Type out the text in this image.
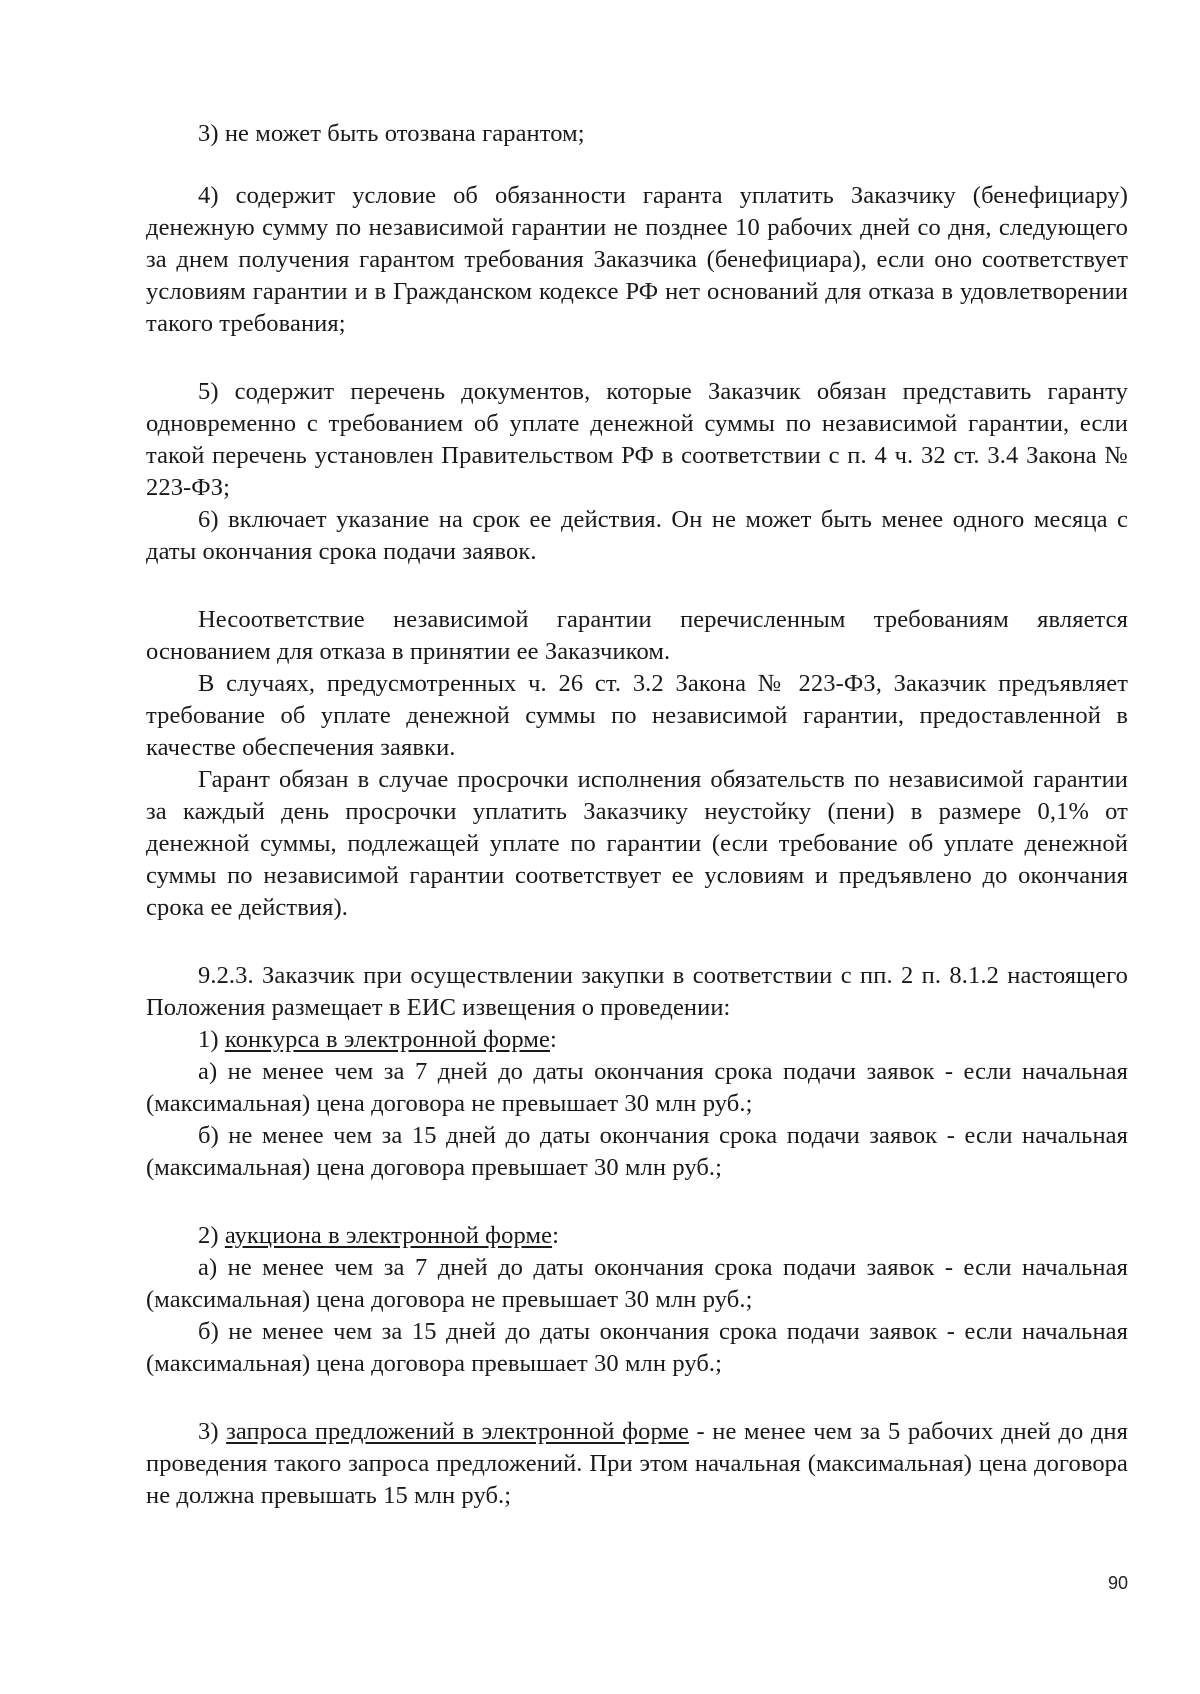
3) не может быть отозвана гарантом;

4) содержит условие об обязанности гаранта уплатить Заказчику (бенефициару) денежную сумму по независимой гарантии не позднее 10 рабочих дней со дня, следующего за днем получения гарантом требования Заказчика (бенефициара), если оно соответствует условиям гарантии и в Гражданском кодексе РФ нет оснований для отказа в удовлетворении такого требования;

5) содержит перечень документов, которые Заказчик обязан представить гаранту одновременно с требованием об уплате денежной суммы по независимой гарантии, если такой перечень установлен Правительством РФ в соответствии с п. 4 ч. 32 ст. 3.4 Закона № 223-ФЗ;

6) включает указание на срок ее действия. Он не может быть менее одного месяца с даты окончания срока подачи заявок.

Несоответствие независимой гарантии перечисленным требованиям является основанием для отказа в принятии ее Заказчиком.

В случаях, предусмотренных ч. 26 ст. 3.2 Закона № 223-ФЗ, Заказчик предъявляет требование об уплате денежной суммы по независимой гарантии, предоставленной в качестве обеспечения заявки.

Гарант обязан в случае просрочки исполнения обязательств по независимой гарантии за каждый день просрочки уплатить Заказчику неустойку (пени) в размере 0,1% от денежной суммы, подлежащей уплате по гарантии (если требование об уплате денежной суммы по независимой гарантии соответствует ее условиям и предъявлено до окончания срока ее действия).

9.2.3. Заказчик при осуществлении закупки в соответствии с пп. 2 п. 8.1.2 настоящего Положения размещает в ЕИС извещения о проведении:

1) конкурса в электронной форме:

а) не менее чем за 7 дней до даты окончания срока подачи заявок - если начальная (максимальная) цена договора не превышает 30 млн руб.;

б) не менее чем за 15 дней до даты окончания срока подачи заявок - если начальная (максимальная) цена договора превышает 30 млн руб.;

2) аукциона в электронной форме:

а) не менее чем за 7 дней до даты окончания срока подачи заявок - если начальная (максимальная) цена договора не превышает 30 млн руб.;

б) не менее чем за 15 дней до даты окончания срока подачи заявок - если начальная (максимальная) цена договора превышает 30 млн руб.;

3) запроса предложений в электронной форме - не менее чем за 5 рабочих дней до дня проведения такого запроса предложений. При этом начальная (максимальная) цена договора не должна превышать 15 млн руб.;

90
